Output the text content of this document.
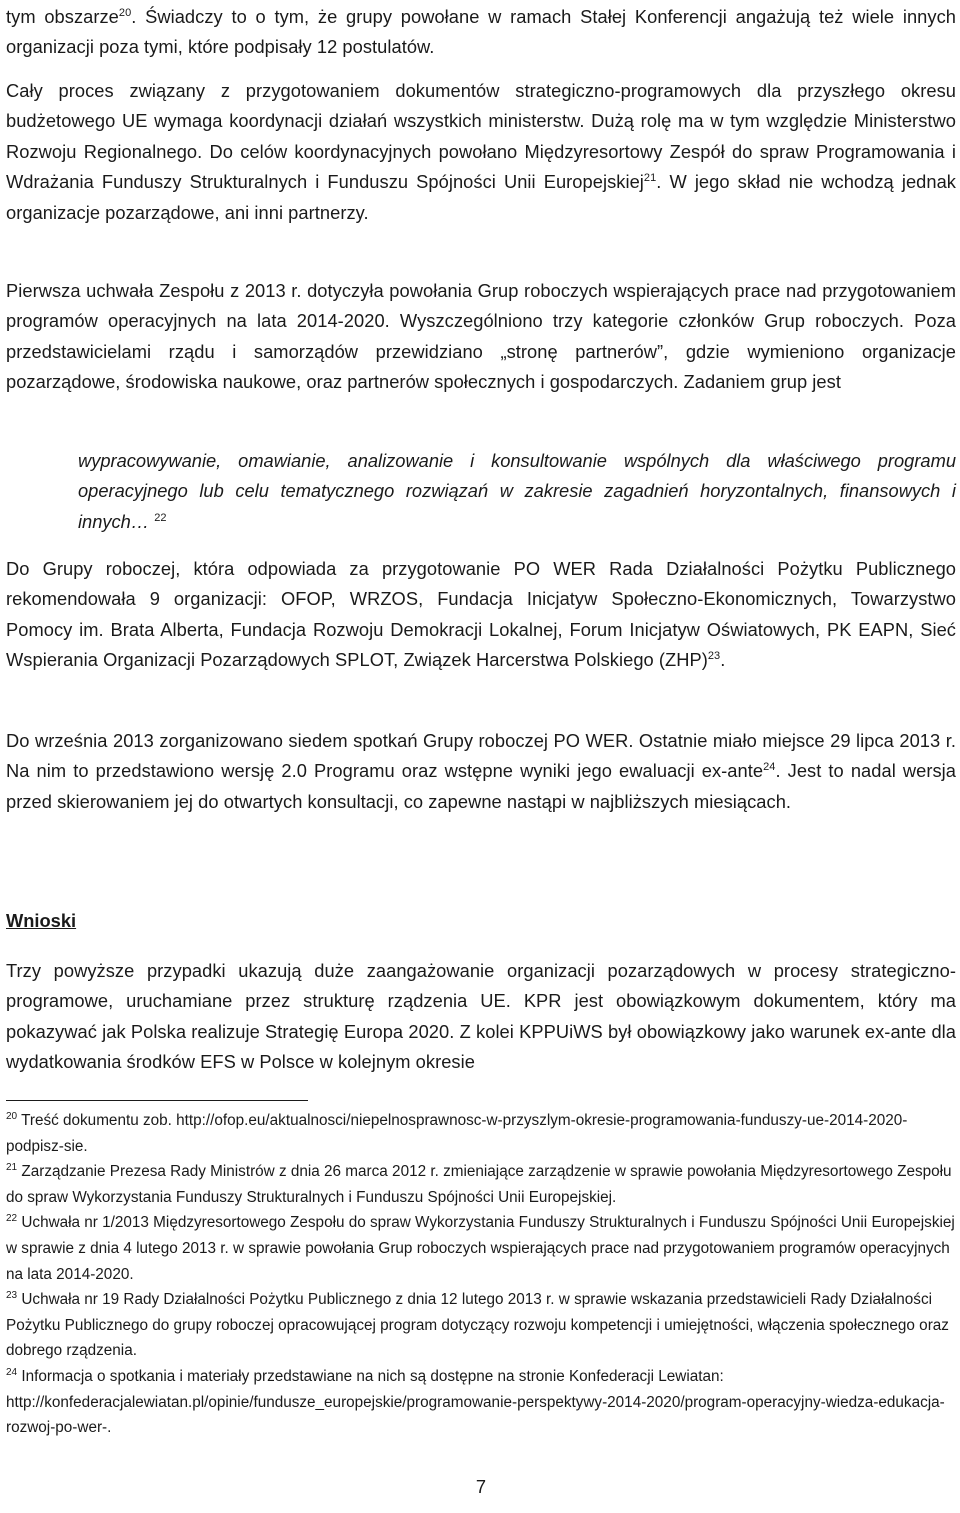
tym obszarze$^{20}$. Świadczy to o tym, że grupy powołane w ramach Stałej Konferencji angażują też wiele innych organizacji poza tymi, które podpisały 12 postulatów.

Cały proces związany z przygotowaniem dokumentów strategiczno-programowych dla przyszłego okresu budżetowego UE wymaga koordynacji działań wszystkich ministerstw. Dużą rolę ma w tym względzie Ministerstwo Rozwoju Regionalnego. Do celów koordynacyjnych powołano Międzyresortowy Zespół do spraw Programowania i Wdrażania Funduszy Strukturalnych i Funduszu Spójności Unii Europejskiej$^{21}$. W jego skład nie wchodzą jednak organizacje pozarządowe, ani inni partnerzy.

Pierwsza uchwała Zespołu z 2013 r. dotyczyła powołania Grup roboczych wspierających prace nad przygotowaniem programów operacyjnych na lata 2014-2020. Wyszczególniono trzy kategorie członków Grup roboczych. Poza przedstawicielami rządu i samorządów przewidziano „stronę partnerów”, gdzie wymieniono organizacje pozarządowe, środowiska naukowe, oraz partnerów społecznych i gospodarczych. Zadaniem grup jest

wypracowywanie, omawianie, analizowanie i konsultowanie wspólnych dla właściwego programu operacyjnego lub celu tematycznego rozwiązań w zakresie zagadnień horyzontalnych, finansowych i innych… $^{22}$

Do Grupy roboczej, która odpowiada za przygotowanie PO WER Rada Działalności Pożytku Publicznego rekomendowała 9 organizacji: OFOP, WRZOS, Fundacja Inicjatyw Społeczno-Ekonomicznych, Towarzystwo Pomocy im. Brata Alberta, Fundacja Rozwoju Demokracji Lokalnej, Forum Inicjatyw Oświatowych, PK EAPN, Sieć Wspierania Organizacji Pozarządowych SPLOT, Związek Harcerstwa Polskiego (ZHP)$^{23}$.

Do września 2013 zorganizowano siedem spotkań Grupy roboczej PO WER. Ostatnie miało miejsce 29 lipca 2013 r. Na nim to przedstawiono wersję 2.0 Programu oraz wstępne wyniki jego ewaluacji ex-ante$^{24}$. Jest to nadal wersja przed skierowaniem jej do otwartych konsultacji, co zapewne nastąpi w najbliższych miesiącach.

Wnioski

Trzy powyższe przypadki ukazują duże zaangażowanie organizacji pozarządowych w procesy strategiczno-programowe, uruchamiane przez strukturę rządzenia UE. KPR jest obowiązkowym dokumentem, który ma pokazywać jak Polska realizuje Strategię Europa 2020. Z kolei KPPUiWS był obowiązkowy jako warunek ex-ante dla wydatkowania środków EFS w Polsce w kolejnym okresie

$^{20}$ Treść dokumentu zob. http://ofop.eu/aktualnosci/niepelnosprawnosc-w-przyszlym-okresie-programowania-funduszy-ue-2014-2020-podpisz-sie.

$^{21}$ Zarządzanie Prezesa Rady Ministrów z dnia 26 marca 2012 r. zmieniające zarządzenie w sprawie powołania Międzyresortowego Zespołu do spraw Wykorzystania Funduszy Strukturalnych i Funduszu Spójności Unii Europejskiej.

$^{22}$ Uchwała nr 1/2013 Międzyresortowego Zespołu do spraw Wykorzystania Funduszy Strukturalnych i Funduszu Spójności Unii Europejskiej w sprawie z dnia 4 lutego 2013 r. w sprawie powołania Grup roboczych wspierających prace nad przygotowaniem programów operacyjnych na lata 2014-2020.

$^{23}$ Uchwała nr 19 Rady Działalności Pożytku Publicznego z dnia 12 lutego 2013 r. w sprawie wskazania przedstawicieli Rady Działalności Pożytku Publicznego do grupy roboczej opracowującej program dotyczący rozwoju kompetencji i umiejętności, włączenia społecznego oraz dobrego rządzenia.

$^{24}$ Informacja o spotkania i materiały przedstawiane na nich są dostępne na stronie Konfederacji Lewiatan: http://konfederacjalewiatan.pl/opinie/fundusze_europejskie/programowanie-perspektywy-2014-2020/program-operacyjny-wiedza-edukacja-rozwoj-po-wer-.

7
